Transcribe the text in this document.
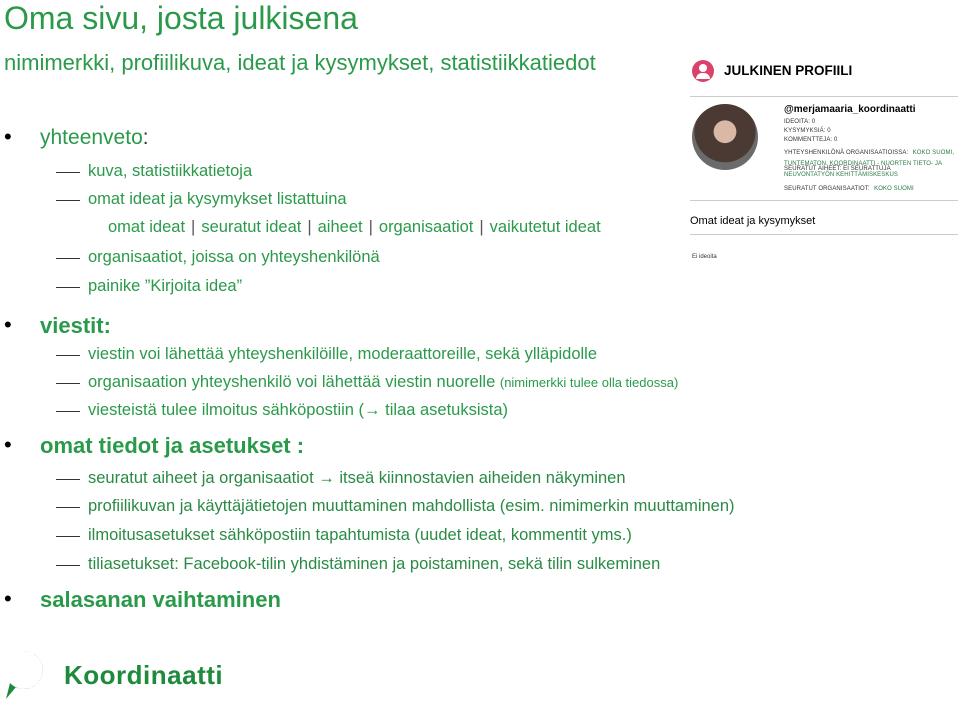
Oma sivu, josta julkisena
nimimerkki, profiilikuva, ideat ja kysymykset, statistiikkatiedot
• yhteenveto:
kuva, statistiikkatietoja
omat ideat ja kysymykset listattuina
omat ideat | seuratut ideat | aiheet | organisaatiot | vaikutetut ideat
organisaatiot, joissa on yhteyshenkilönä
painike ”Kirjoita idea”
• viestit:
viestin voi lähettää yhteyshenkilöille, moderaattoreille, sekä ylläpidolle
organisaation yhteyshenkilö voi lähettää viestin nuorelle (nimimerkki tulee olla tiedossa)
viesteistä tulee ilmoitus sähköpostiin (→ tilaa asetuksista)
• omat tiedot ja asetukset :
seuratut aiheet ja organisaatiot → itseä kiinnostavien aiheiden näkyminen
profiilikuvan ja käyttäjätietojen muuttaminen mahdollista (esim. nimimerkin muuttaminen)
ilmoitusasetukset sähköpostiin tapahtumista (uudet ideat, kommentit yms.)
tiliasetukset: Facebook-tilin yhdistäminen ja poistaminen, sekä tilin sulkeminen
• salasanan vaihtaminen
JULKINEN PROFIILI
@merjamaaria_koordinaatti
IDEOITA: 0
KYSYMYKSIÄ: 0
KOMMENTTEJA: 0
YHTEYSHENKILÖNÄ ORGANISAATIOISSA: KOKO SUOMI, TUNTEMATON, KOORDINAATTI - NUORTEN TIETO- JA NEUVONTATYÖN KEHITTÄMISKESKUS
SEURATUT AIHEET: EI SEURATTUJA
SEURATUT ORGANISAATIOT: KOKO SUOMI
Omat ideat ja kysymykset
Ei ideoita
Koordinaatti
